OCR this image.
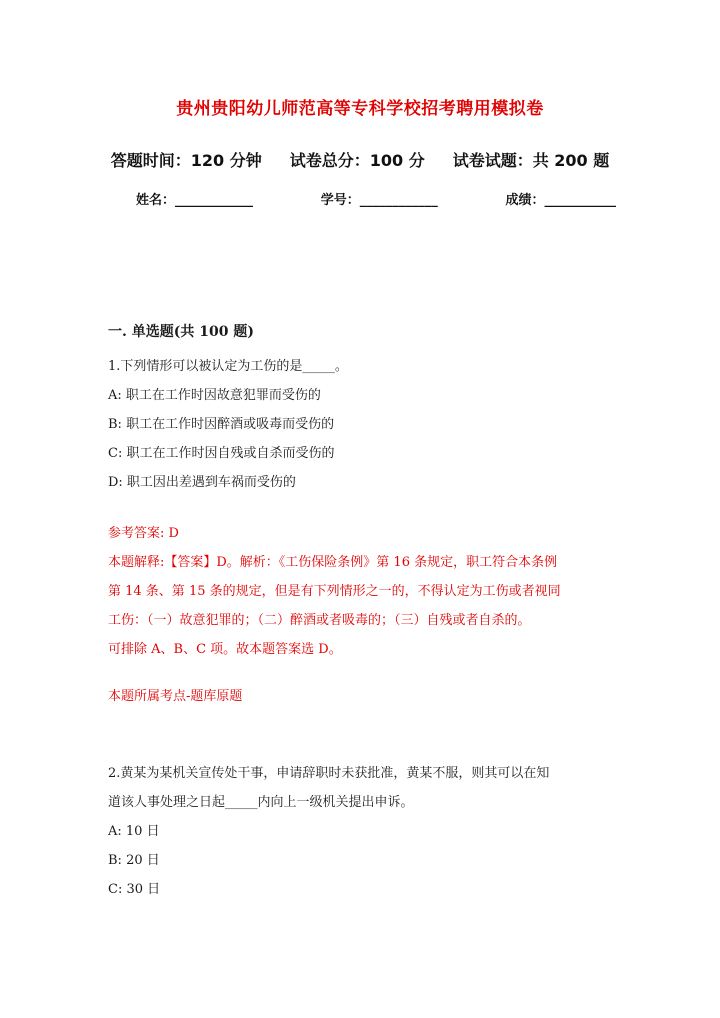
贵州贵阳幼儿师范高等专科学校招考聘用模拟卷
答题时间：120 分钟 试卷总分：100 分 试卷试题：共 200 题
姓名：____________	学号：____________	成绩：___________
一. 单选题(共 100 题)
1.下列情形可以被认定为工伤的是_____。
A: 职工在工作时因故意犯罪而受伤的
B: 职工在工作时因醉酒或吸毒而受伤的
C: 职工在工作时因自残或自杀而受伤的
D: 职工因出差遇到车祸而受伤的
参考答案: D
本题解释:【答案】D。解析：《工伤保险条例》第 16 条规定，职工符合本条例
第 14 条、第 15 条的规定，但是有下列情形之一的，不得认定为工伤或者视同
工伤：（一）故意犯罪的；（二）醉酒或者吸毒的；（三）自残或者自杀的。
可排除 A、B、C 项。故本题答案选 D。
本题所属考点-题库原题
2.黄某为某机关宣传处干事，申请辞职时未获批准，黄某不服，则其可以在知
道该人事处理之日起_____内向上一级机关提出申诉。
A: 10 日
B: 20 日
C: 30 日
